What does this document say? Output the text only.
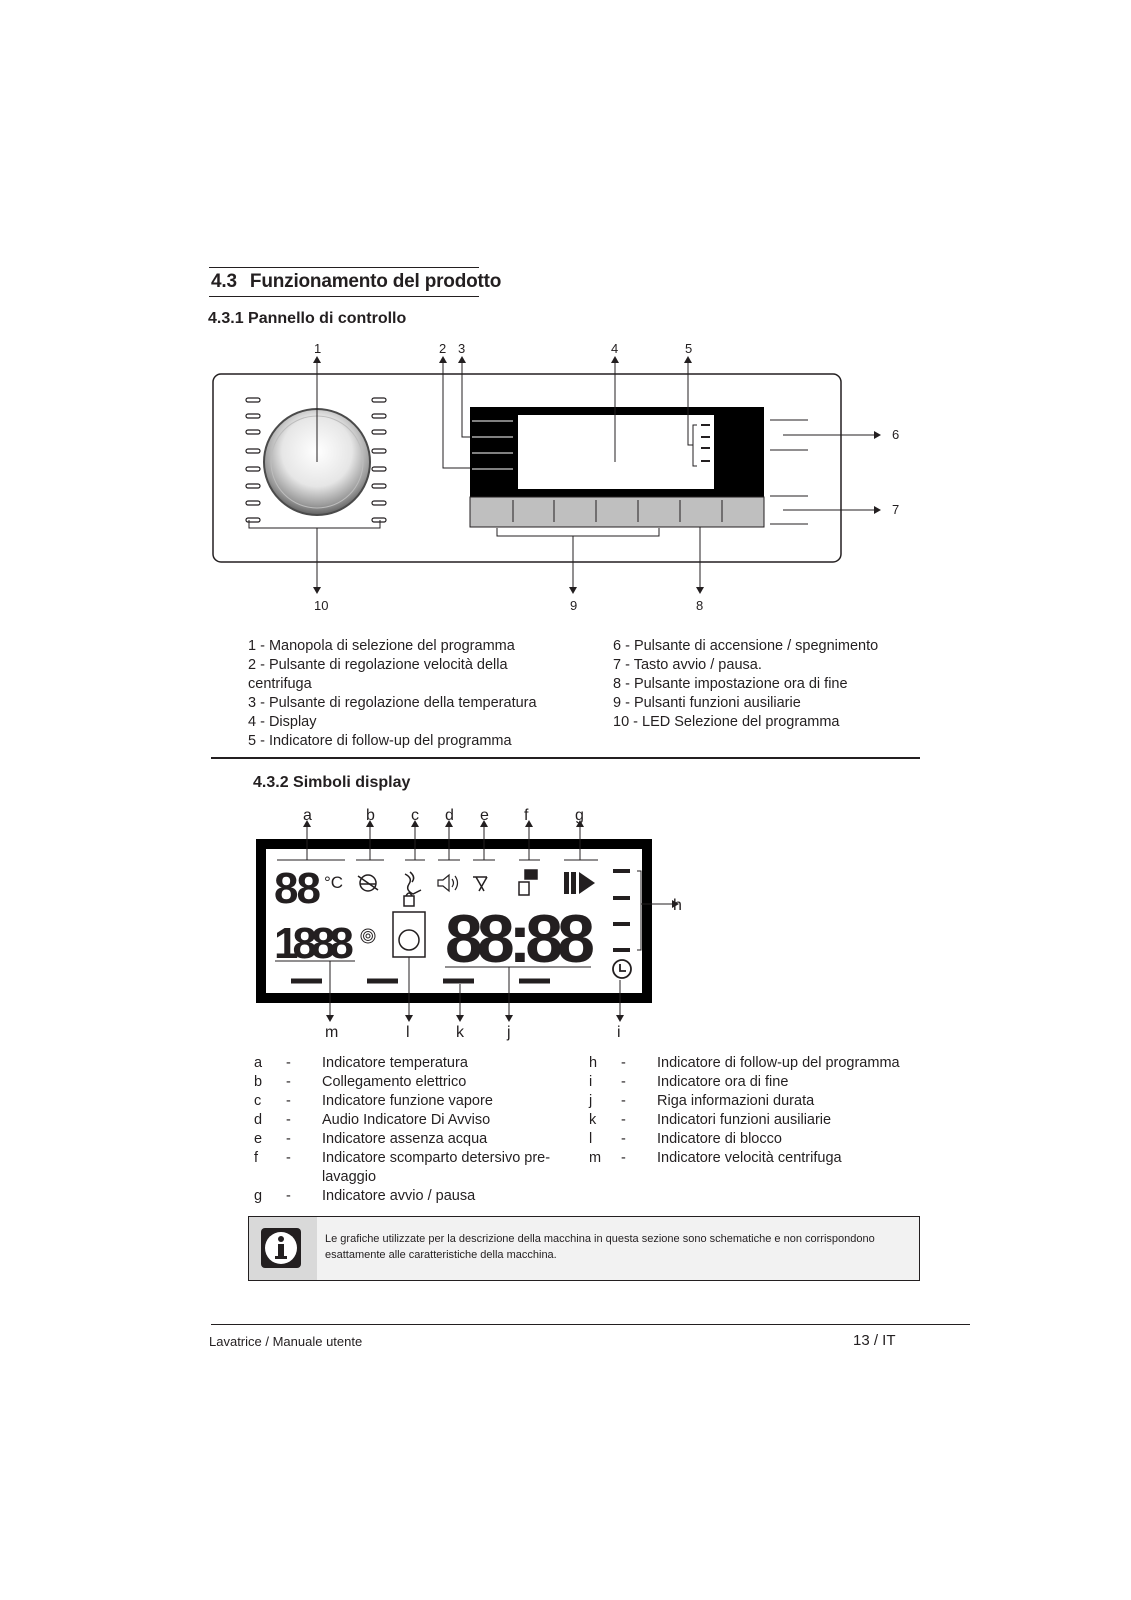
4.3 Funzionamento del prodotto
4.3.1 Pannello di controllo
1	2 3	4	5
6
7
8
9
10
1 - Manopola di selezione del programma
2 - Pulsante di regolazione velocità della
centrifuga
3 - Pulsante di regolazione della temperatura
4 - Display
5 - Indicatore di follow-up del programma
6 - Pulsante di accensione / spegnimento
7 - Tasto avvio / pausa.
8 - Pulsante impostazione ora di fine
9 - Pulsanti funzioni ausiliarie
10 - LED Selezione del programma
4.3.2 Simboli display
88 °C
1888 88:88
a	b c d e f	g
h
i
j
k
l
m
a - Indicatore temperatura
b - Collegamento elettrico
c - Indicatore funzione vapore
d - Audio Indicatore Di Avviso
e - Indicatore assenza acqua
f - Indicatore scomparto detersivo pre-
lavaggio
g - Indicatore avvio / pausa
h - Indicatore di follow-up del programma
i - Indicatore ora di fine
j - Riga informazioni durata
k - Indicatori funzioni ausiliarie
l - Indicatore di blocco
m - Indicatore velocità centrifuga
Le grafiche utilizzate per la descrizione della macchina in questa sezione sono schematiche e non corrispondono
esattamente alle caratteristiche della macchina.
Lavatrice / Manuale utente	13 / IT
